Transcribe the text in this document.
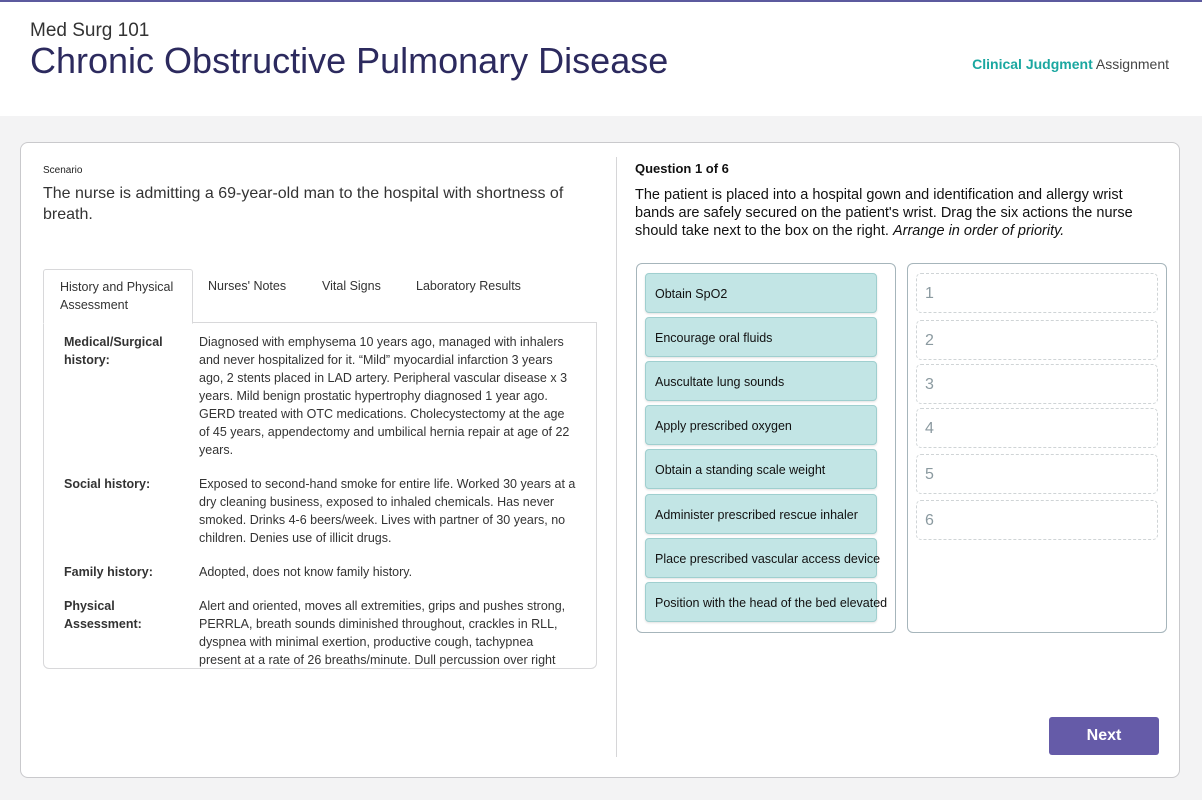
Med Surg 101
Chronic Obstructive Pulmonary Disease	Clinical Judgment Assignment
Scenario
The nurse is admitting a 69-year-old man to the hospital with shortness of breath.
History and Physical Assessment
Nurses' Notes	Vital Signs	Laboratory Results
Medical/Surgical history:
Diagnosed with emphysema 10 years ago, managed with inhalers and never hospitalized for it. “Mild” myocardial infarction 3 years ago, 2 stents placed in LAD artery. Peripheral vascular disease x 3 years. Mild benign prostatic hypertrophy diagnosed 1 year ago. GERD treated with OTC medications. Cholecystectomy at the age of 45 years, appendectomy and umbilical hernia repair at age of 22 years.
Social history:	Exposed to second-hand smoke for entire life. Worked 30 years at a dry cleaning business, exposed to inhaled chemicals. Has never smoked. Drinks 4-6 beers/week. Lives with partner of 30 years, no children. Denies use of illicit drugs.
Family history:	Adopted, does not know family history.
Physical Assessment:
Alert and oriented, moves all extremities, grips and pushes strong, PERRLA, breath sounds diminished throughout, crackles in RLL, dyspnea with minimal exertion, productive cough, tachypnea present at a rate of 26 breaths/minute. Dull percussion over right
Question 1 of 6
The patient is placed into a hospital gown and identification and allergy wrist bands are safely secured on the patient's wrist. Drag the six actions the nurse should take next to the box on the right. Arrange in order of priority.
Obtain SpO2
Encourage oral fluids
Auscultate lung sounds
Apply prescribed oxygen
Obtain a standing scale weight
Administer prescribed rescue inhaler
Place prescribed vascular access device
Position with the head of the bed elevated
1
2
3
4
5
6
Next
